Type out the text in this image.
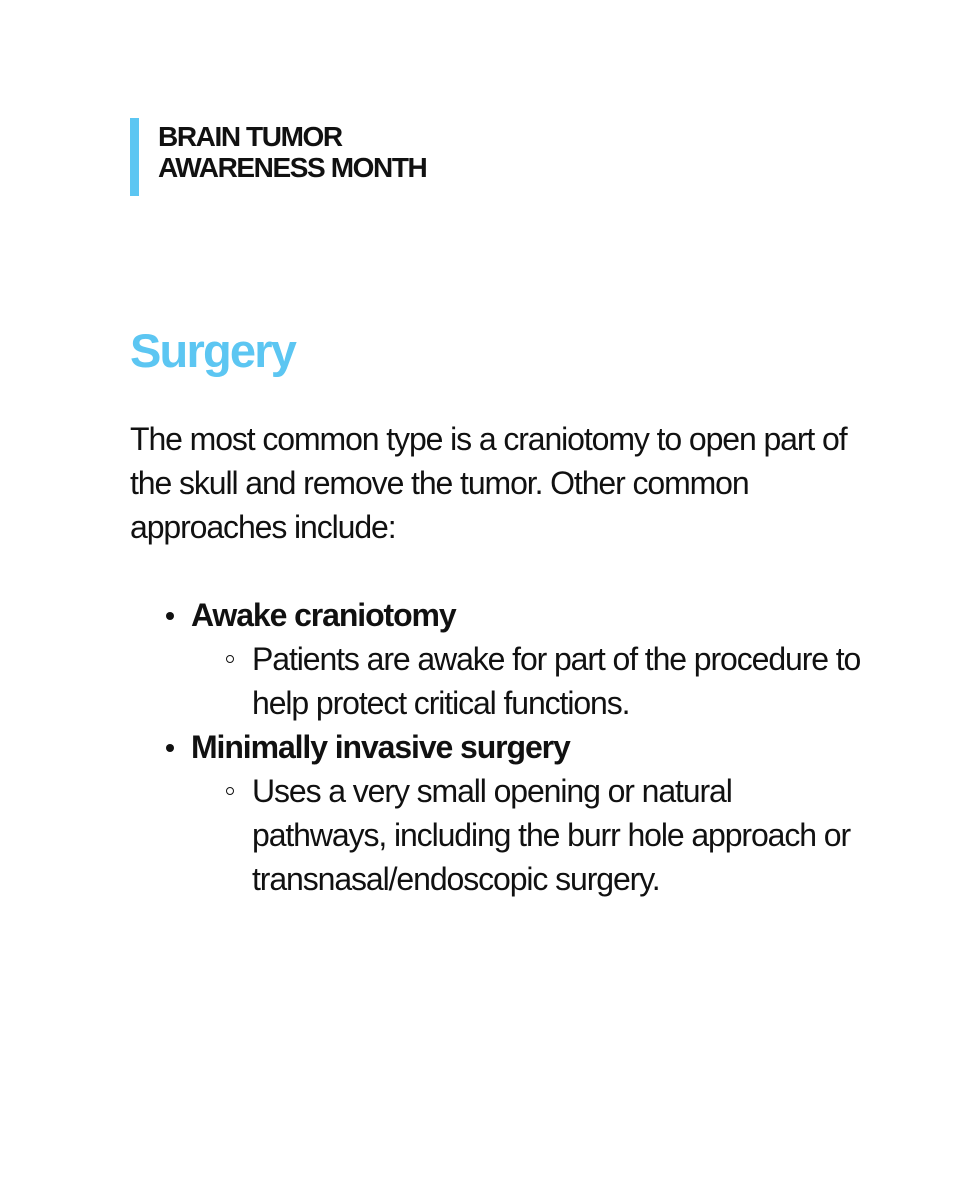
BRAIN TUMOR
AWARENESS MONTH
Surgery
The most common type is a craniotomy to open part of the skull and remove the tumor. Other common approaches include:
Awake craniotomy
Patients are awake for part of the procedure to help protect critical functions.
Minimally invasive surgery
Uses a very small opening or natural pathways, including the burr hole approach or transnasal/endoscopic surgery.
